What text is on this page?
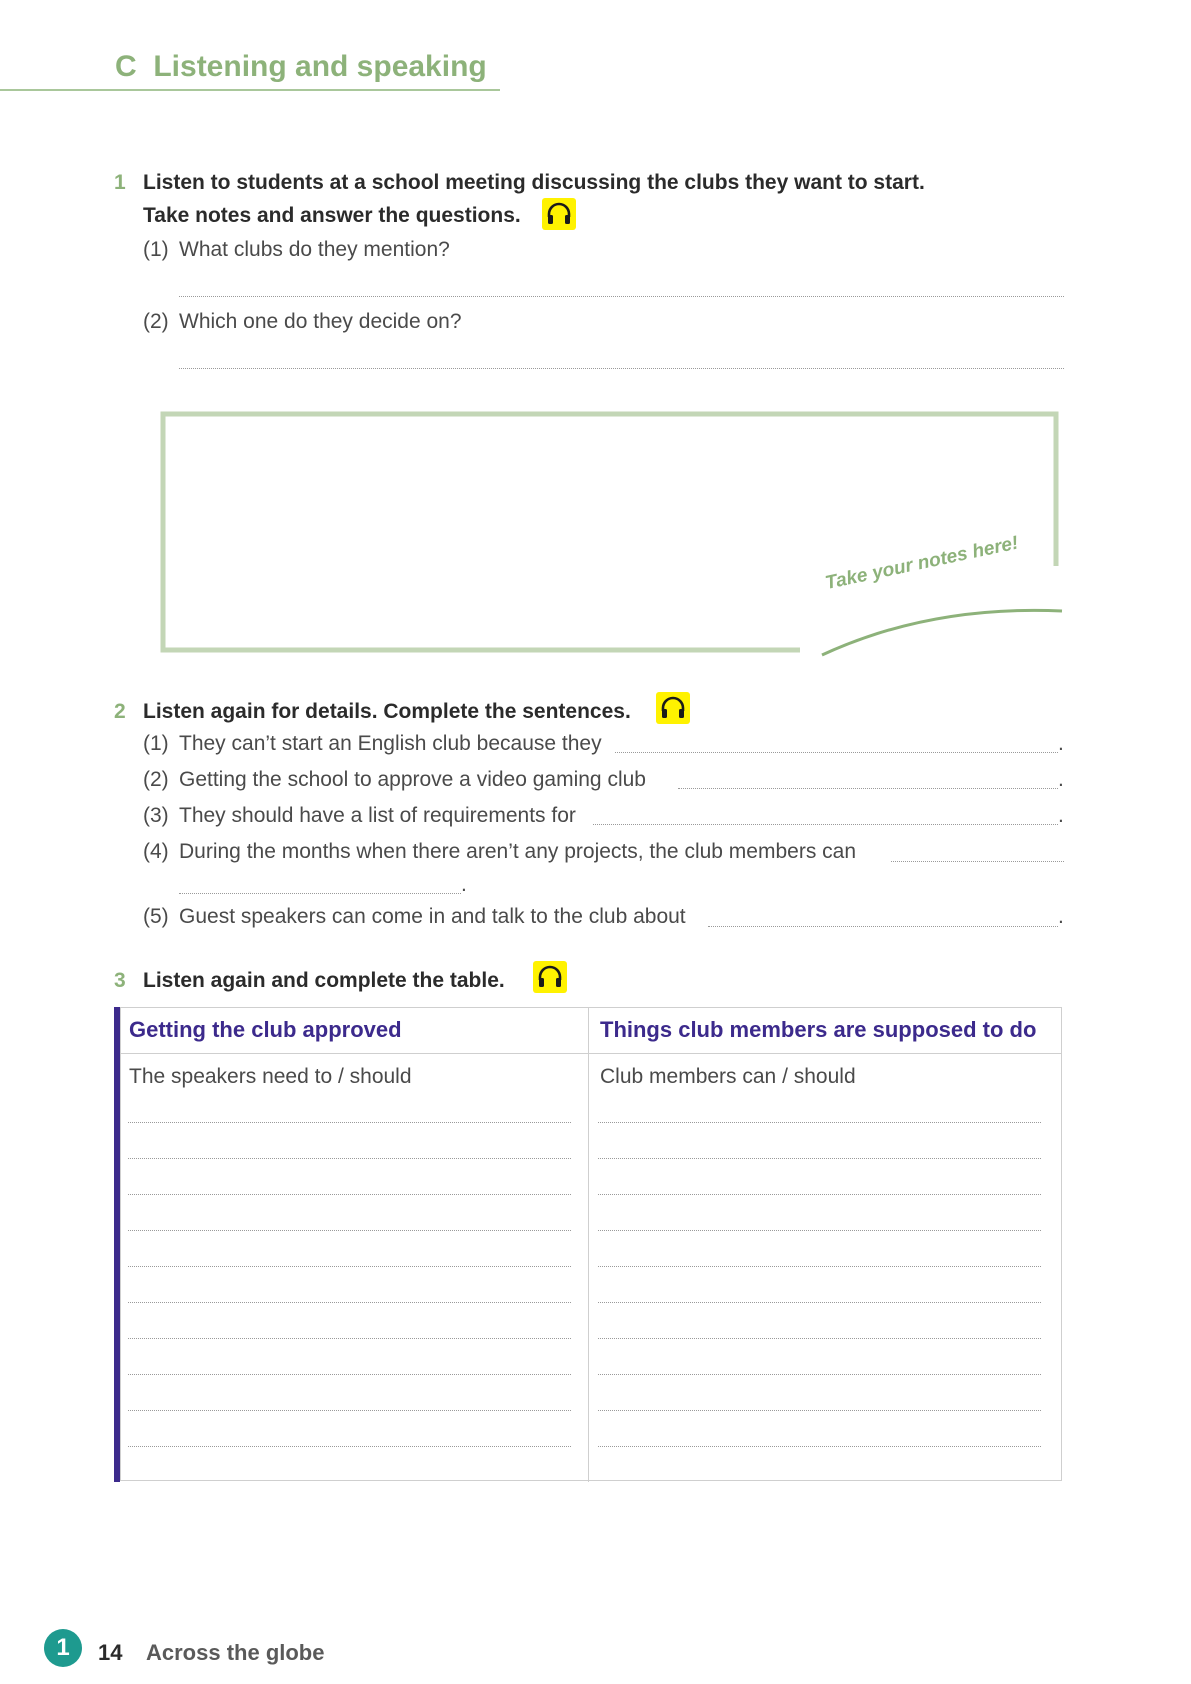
C Listening and speaking
1 Listen to students at a school meeting discussing the clubs they want to start.
Take notes and answer the questions.
(1) What clubs do they mention?
(2) Which one do they decide on?
Take your notes here!
2 Listen again for details. Complete the sentences.
(1) They can’t start an English club because they	.
(2) Getting the school to approve a video gaming club	.
(3) They should have a list of requirements for	.
(4) During the months when there aren’t any projects, the club members can
.
(5) Guest speakers can come in and talk to the club about	.
3 Listen again and complete the table.
Getting the club approved	Things club members are supposed to do
The speakers need to / should	Club members can / should
1	14 Across the globe
